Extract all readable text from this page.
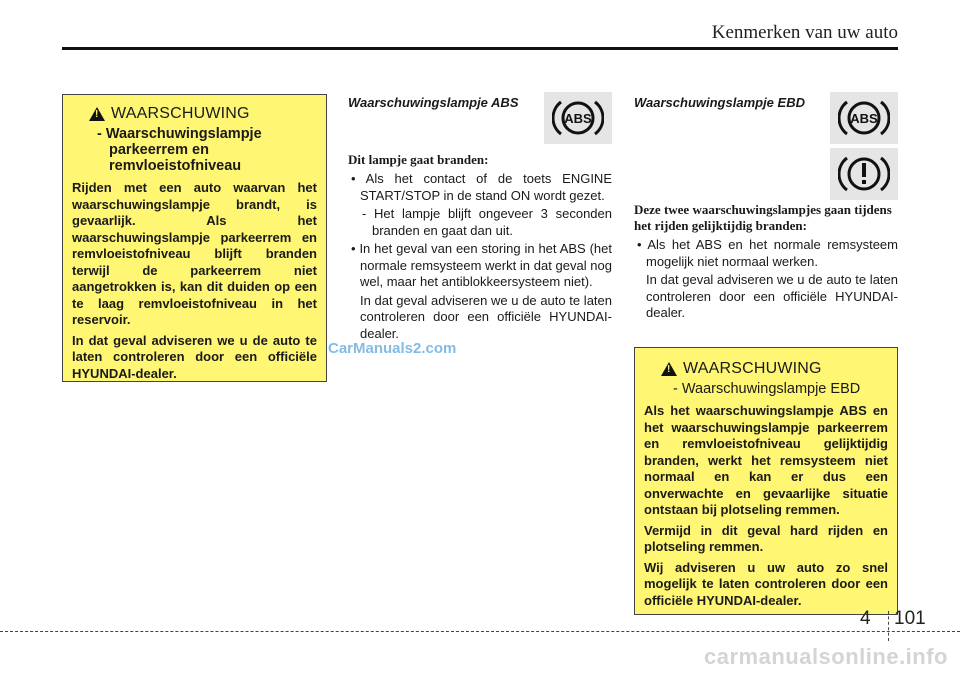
Kenmerken van uw auto
! WAARSCHUWING
- Waarschuwingslampje
parkeerrem en
remvloeistofniveau

Rijden met een auto waarvan het waarschuwingslampje brandt, is gevaarlijk. Als het waarschuwingslampje parkeerrem en remvloeistofniveau blijft branden terwijl de parkeerrem niet aangetrokken is, kan dit duiden op een te laag remvloeistofniveau in het reservoir.

In dat geval adviseren we u de auto te laten controleren door een officiële HYUNDAI-dealer.

Waarschuwingslampje ABS
ABS
Dit lampje gaat branden:

• Als het contact of de toets ENGINE START/STOP in de stand ON wordt gezet.

- Het lampje blijft ongeveer 3 seconden branden en gaat dan uit.

• In het geval van een storing in het ABS (het normale remsysteem werkt in dat geval nog wel, maar het antiblokkeersysteem niet).

In dat geval adviseren we u de auto te laten controleren door een officiële HYUNDAI-dealer.

Waarschuwingslampje EBD
ABS
Deze twee waarschuwingslampjes gaan tijdens het rijden gelijktijdig branden:

• Als het ABS en het normale remsysteem mogelijk niet normaal werken.

In dat geval adviseren we u de auto te laten controleren door een officiële HYUNDAI-dealer.

! WAARSCHUWING
- Waarschuwingslampje EBD

Als het waarschuwingslampje ABS en het waarschuwingslampje parkeerrem en remvloeistofniveau gelijktijdig branden, werkt het remsysteem niet normaal en kan er dus een onverwachte en gevaarlijke situatie ontstaan bij plotseling remmen.

Vermijd in dit geval hard rijden en plotseling remmen.

Wij adviseren u uw auto zo snel mogelijk te laten controleren door een officiële HYUNDAI-dealer.

CarManuals2.com
4 101
carmanualsonline.info
